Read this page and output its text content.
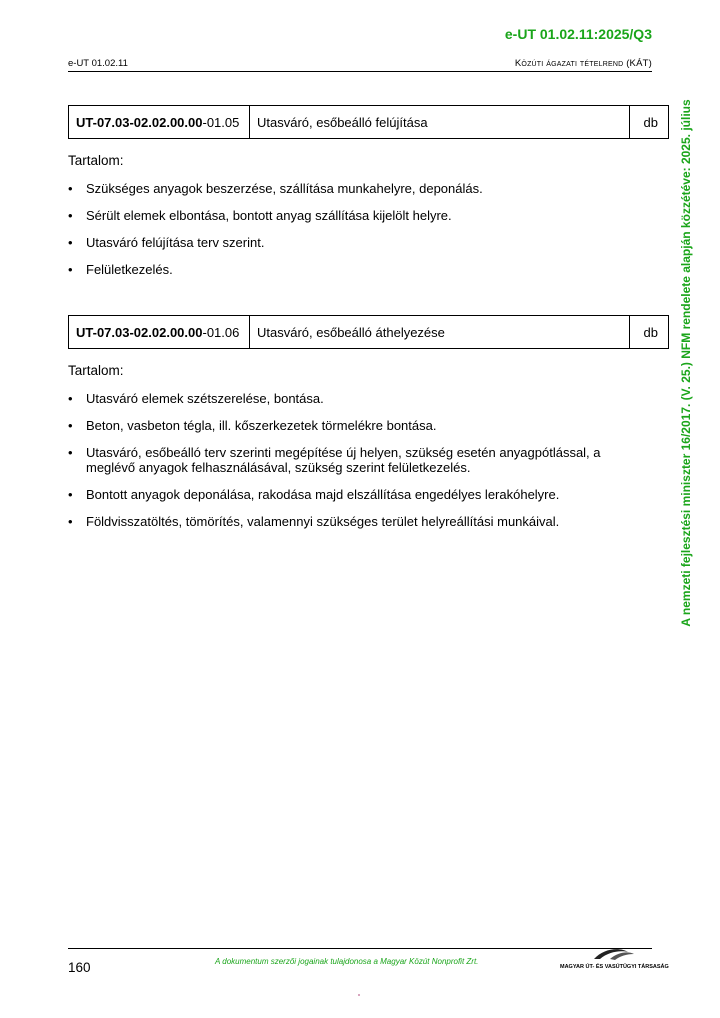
e-UT 01.02.11:2025/Q3
e-UT 01.02.11	Közúti ágazati tételrend (KÁT)
A nemzeti fejlesztési miniszter 16/2017. (V. 25.) NFM rendelete alapján közzétéve: 2025. július
UT-07.03-02.02.00.00 -01.05	Utasváró, esőbeálló felújítása	db
Tartalom:
• Szükséges anyagok beszerzése, szállítása munkahelyre, deponálás.
• Sérült elemek elbontása, bontott anyag szállítása kijelölt helyre.
• Utasváró felújítása terv szerint.
• Felületkezelés.
UT-07.03-02.02.00.00 -01.06	Utasváró, esőbeálló áthelyezése	db
Tartalom:
• Utasváró elemek szétszerelése, bontása.
• Beton, vasbeton tégla, ill. kőszerkezetek törmelékre bontása.
• Utasváró, esőbeálló terv szerinti megépítése új helyen, szükség esetén anyagpótlással, a meglévő anyagok felhasználásával, szükség szerint felületkezelés.
• Bontott anyagok deponálása, rakodása majd elszállítása engedélyes lerakóhelyre.
• Földvisszatöltés, tömörítés, valamennyi szükséges terület helyreállítási munkáival.
160	A dokumentum szerzői jogainak tulajdonosa a Magyar Közút Nonprofit Zrt.
MAGYAR ÚT- ÉS VASÚTÜGYI TÁRSASÁG
